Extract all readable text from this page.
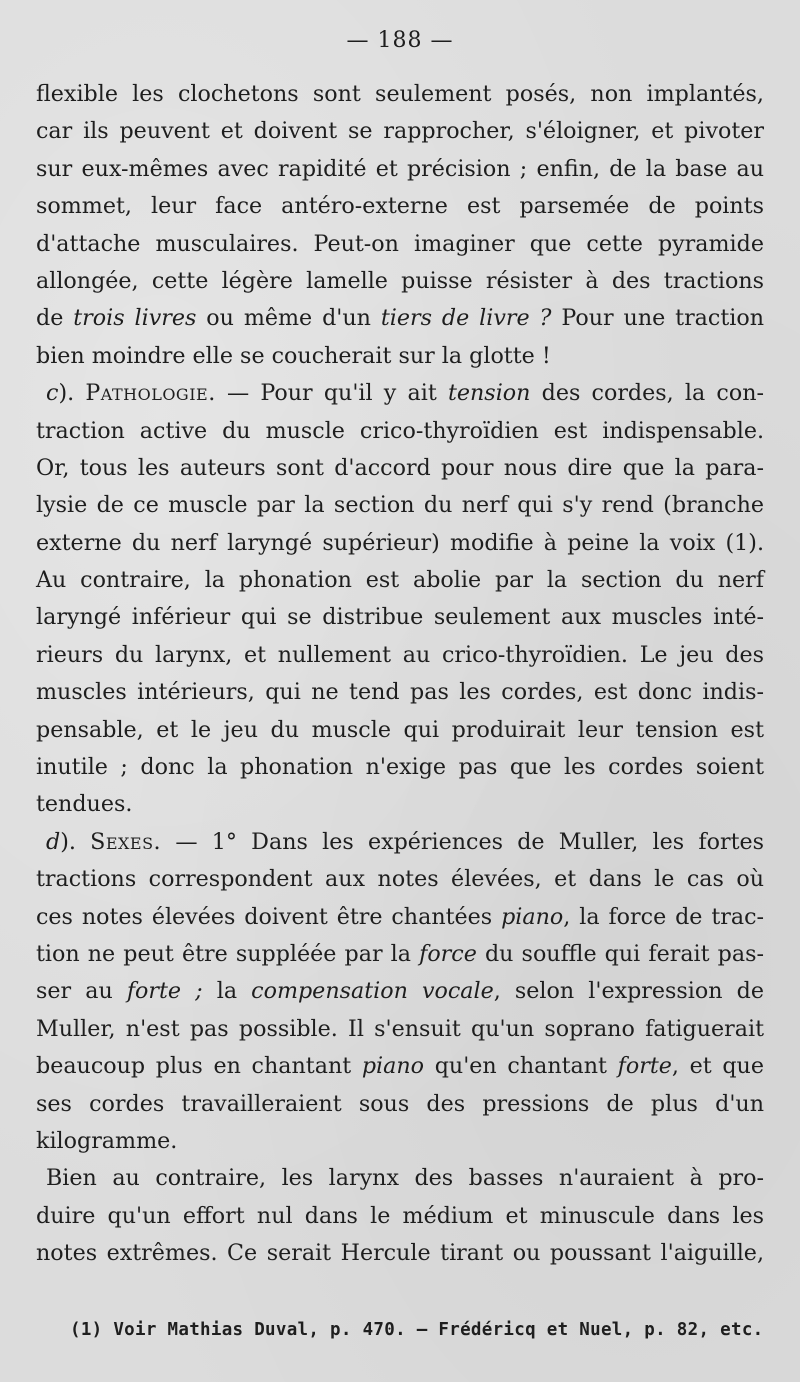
— 188 —
flexible les clochetons sont seulement posés, non implantés,
car ils peuvent et doivent se rapprocher, s'éloigner, et pivoter
sur eux-mêmes avec rapidité et précision ; enfin, de la base au
sommet, leur face antéro-externe est parsemée de points
d'attache musculaires. Peut-on imaginer que cette pyramide
allongée, cette légère lamelle puisse résister à des tractions
de trois livres ou même d'un tiers de livre ? Pour une traction
bien moindre elle se coucherait sur la glotte !
c). Pathologie. — Pour qu'il y ait tension des cordes, la con-
traction active du muscle crico-thyroïdien est indispensable.
Or, tous les auteurs sont d'accord pour nous dire que la para-
lysie de ce muscle par la section du nerf qui s'y rend (branche
externe du nerf laryngé supérieur) modifie à peine la voix (1).
Au contraire, la phonation est abolie par la section du nerf
laryngé inférieur qui se distribue seulement aux muscles inté-
rieurs du larynx, et nullement au crico-thyroïdien. Le jeu des
muscles intérieurs, qui ne tend pas les cordes, est donc indis-
pensable, et le jeu du muscle qui produirait leur tension est
inutile ; donc la phonation n'exige pas que les cordes soient
tendues.
d). Sexes. — 1° Dans les expériences de Muller, les fortes
tractions correspondent aux notes élevées, et dans le cas où
ces notes élevées doivent être chantées piano, la force de trac-
tion ne peut être suppléée par la force du souffle qui ferait pas-
ser au forte ; la compensation vocale, selon l'expression de
Muller, n'est pas possible. Il s'ensuit qu'un soprano fatiguerait
beaucoup plus en chantant piano qu'en chantant forte, et que
ses cordes travailleraient sous des pressions de plus d'un
kilogramme.
Bien au contraire, les larynx des basses n'auraient à pro-
duire qu'un effort nul dans le médium et minuscule dans les
notes extrêmes. Ce serait Hercule tirant ou poussant l'aiguille,
(1) Voir Mathias Duval, p. 470. — Frédéricq et Nuel, p. 82, etc.
